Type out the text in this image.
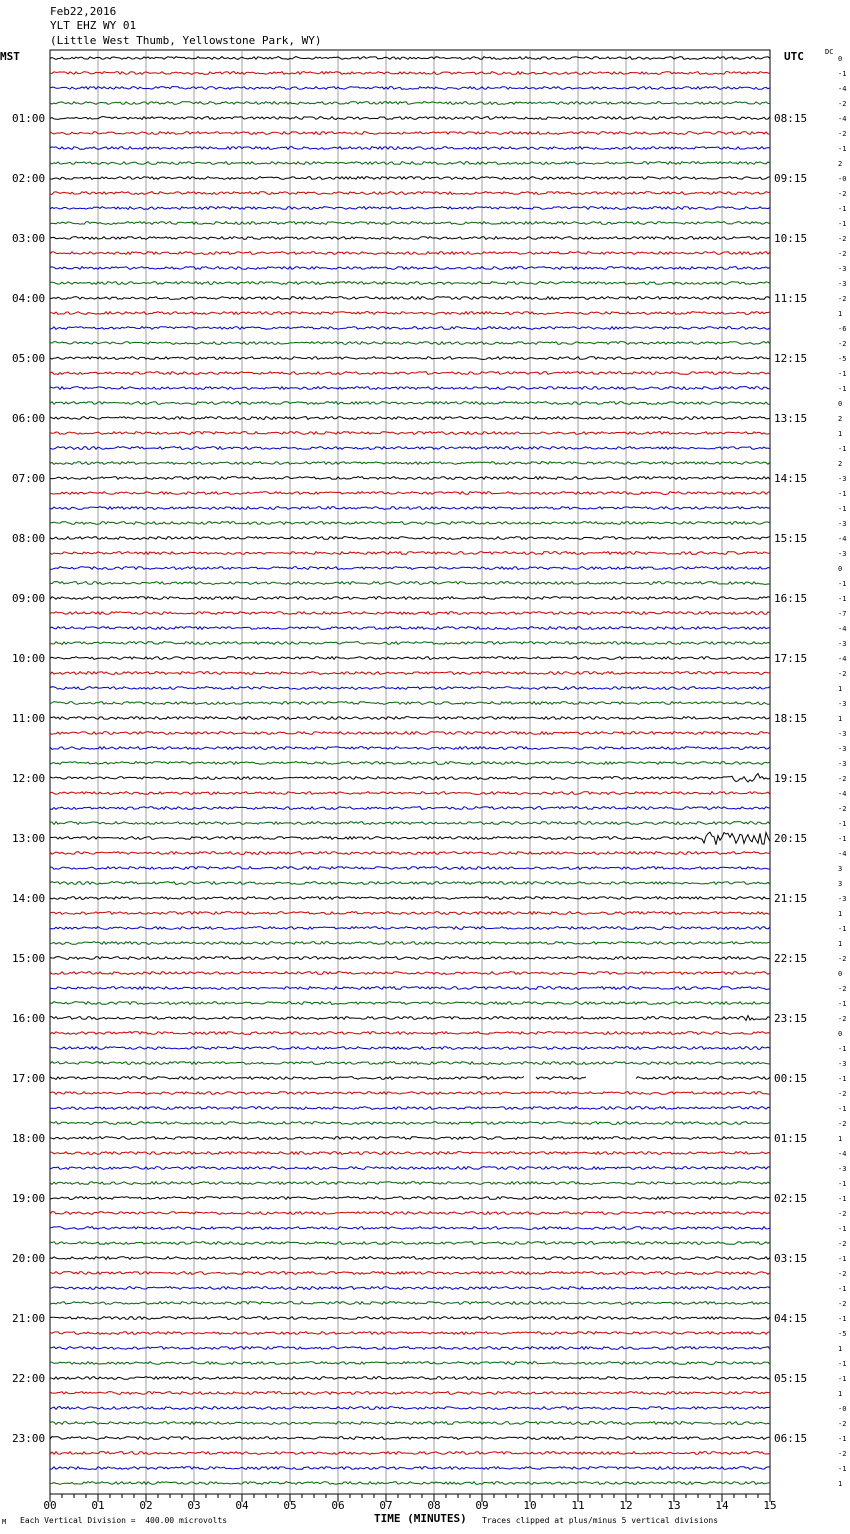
Feb22,2016
YLT EHZ WY 01
(Little West Thumb, Yellowstone Park, WY)
MST	UTC	DC
0
-1
-4
-2
-4
-2
-1
2
-0
-2
-1
-1
-2
-2
-3
-3
-2
1
-6
-2
-5
-1
-1
0
2
1
-1
2
-3
-1
-1
-3
-4
-3
0
-1
-1
-7
-4
-3
-4
-2
1
-3
1
-3
-3
-3
-2
-4
-2
-1
-1
-4
3
3
-3
1
-1
1
-2
0
-2
-1
-2
0
-1
-3
-1
-2
-1
-2
1
-4
-3
-1
-1
-2
-1
-2
-1
-2
-1
-2
-1
-5
1
-1
-1
1
-0
-2
-1
-2
-1
1
01:00	08:15
02:00	09:15
03:00	10:15
04:00	11:15
05:00	12:15
06:00	13:15
07:00	14:15
08:00	15:15
09:00	16:15
10:00	17:15
11:00	18:15
12:00	19:15
13:00	20:15
14:00	21:15
15:00	22:15
16:00	23:15
17:00	00:15
18:00	01:15
19:00	02:15
20:00	03:15
21:00	04:15
22:00	05:15
23:00	06:15
00	01	02	03	04	05	06	07	08	09	10	11	12	13	14	15
M Each Vertical Division =  400.00 microvolts	TIME (MINUTES) Traces clipped at plus/minus 5 vertical divisions
